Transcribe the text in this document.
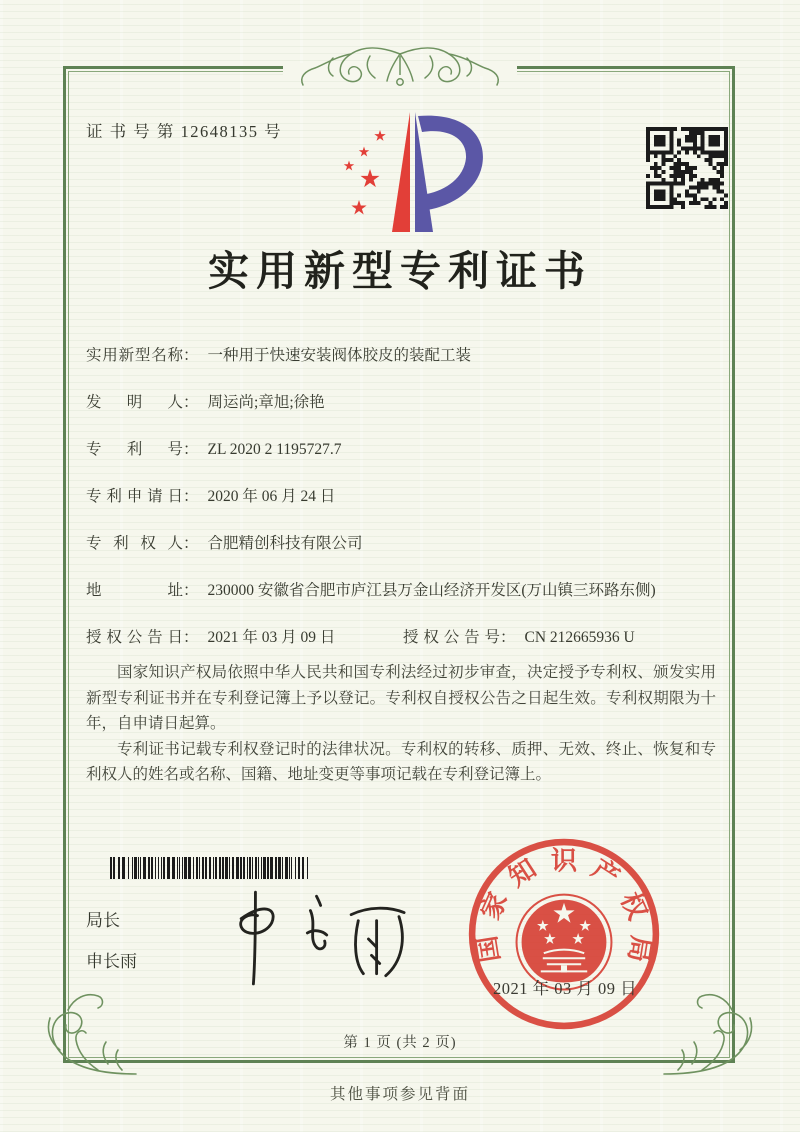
证 书 号 第 12648135 号
实用新型专利证书
实用新型名称 ： 一种用于快速安装阀体胶皮的装配工装
发明人 ： 周运尚;章旭;徐艳
专利号 ： ZL 2020 2 1195727.7
专利申请日 ： 2020 年 06 月 24 日
专利权人 ： 合肥精创科技有限公司
地址 ： 230000 安徽省合肥市庐江县万金山经济开发区(万山镇三环路东侧)
授权公告日 ： 2021 年 03 月 09 日	授权公告号 ： CN 212665936 U

国家知识产权局依照中华人民共和国专利法经过初步审查，决定授予专利权、颁发实用新型专利证书并在专利登记簿上予以登记。专利权自授权公告之日起生效。专利权期限为十年，自申请日起算。

专利证书记载专利权登记时的法律状况。专利权的转移、质押、无效、终止、恢复和专利权人的姓名或名称、国籍、地址变更等事项记载在专利登记簿上。

局长
申长雨	国
家
知 识 产
权
局
2021 年 03 月 09 日
第 1 页 (共 2 页)
其他事项参见背面
